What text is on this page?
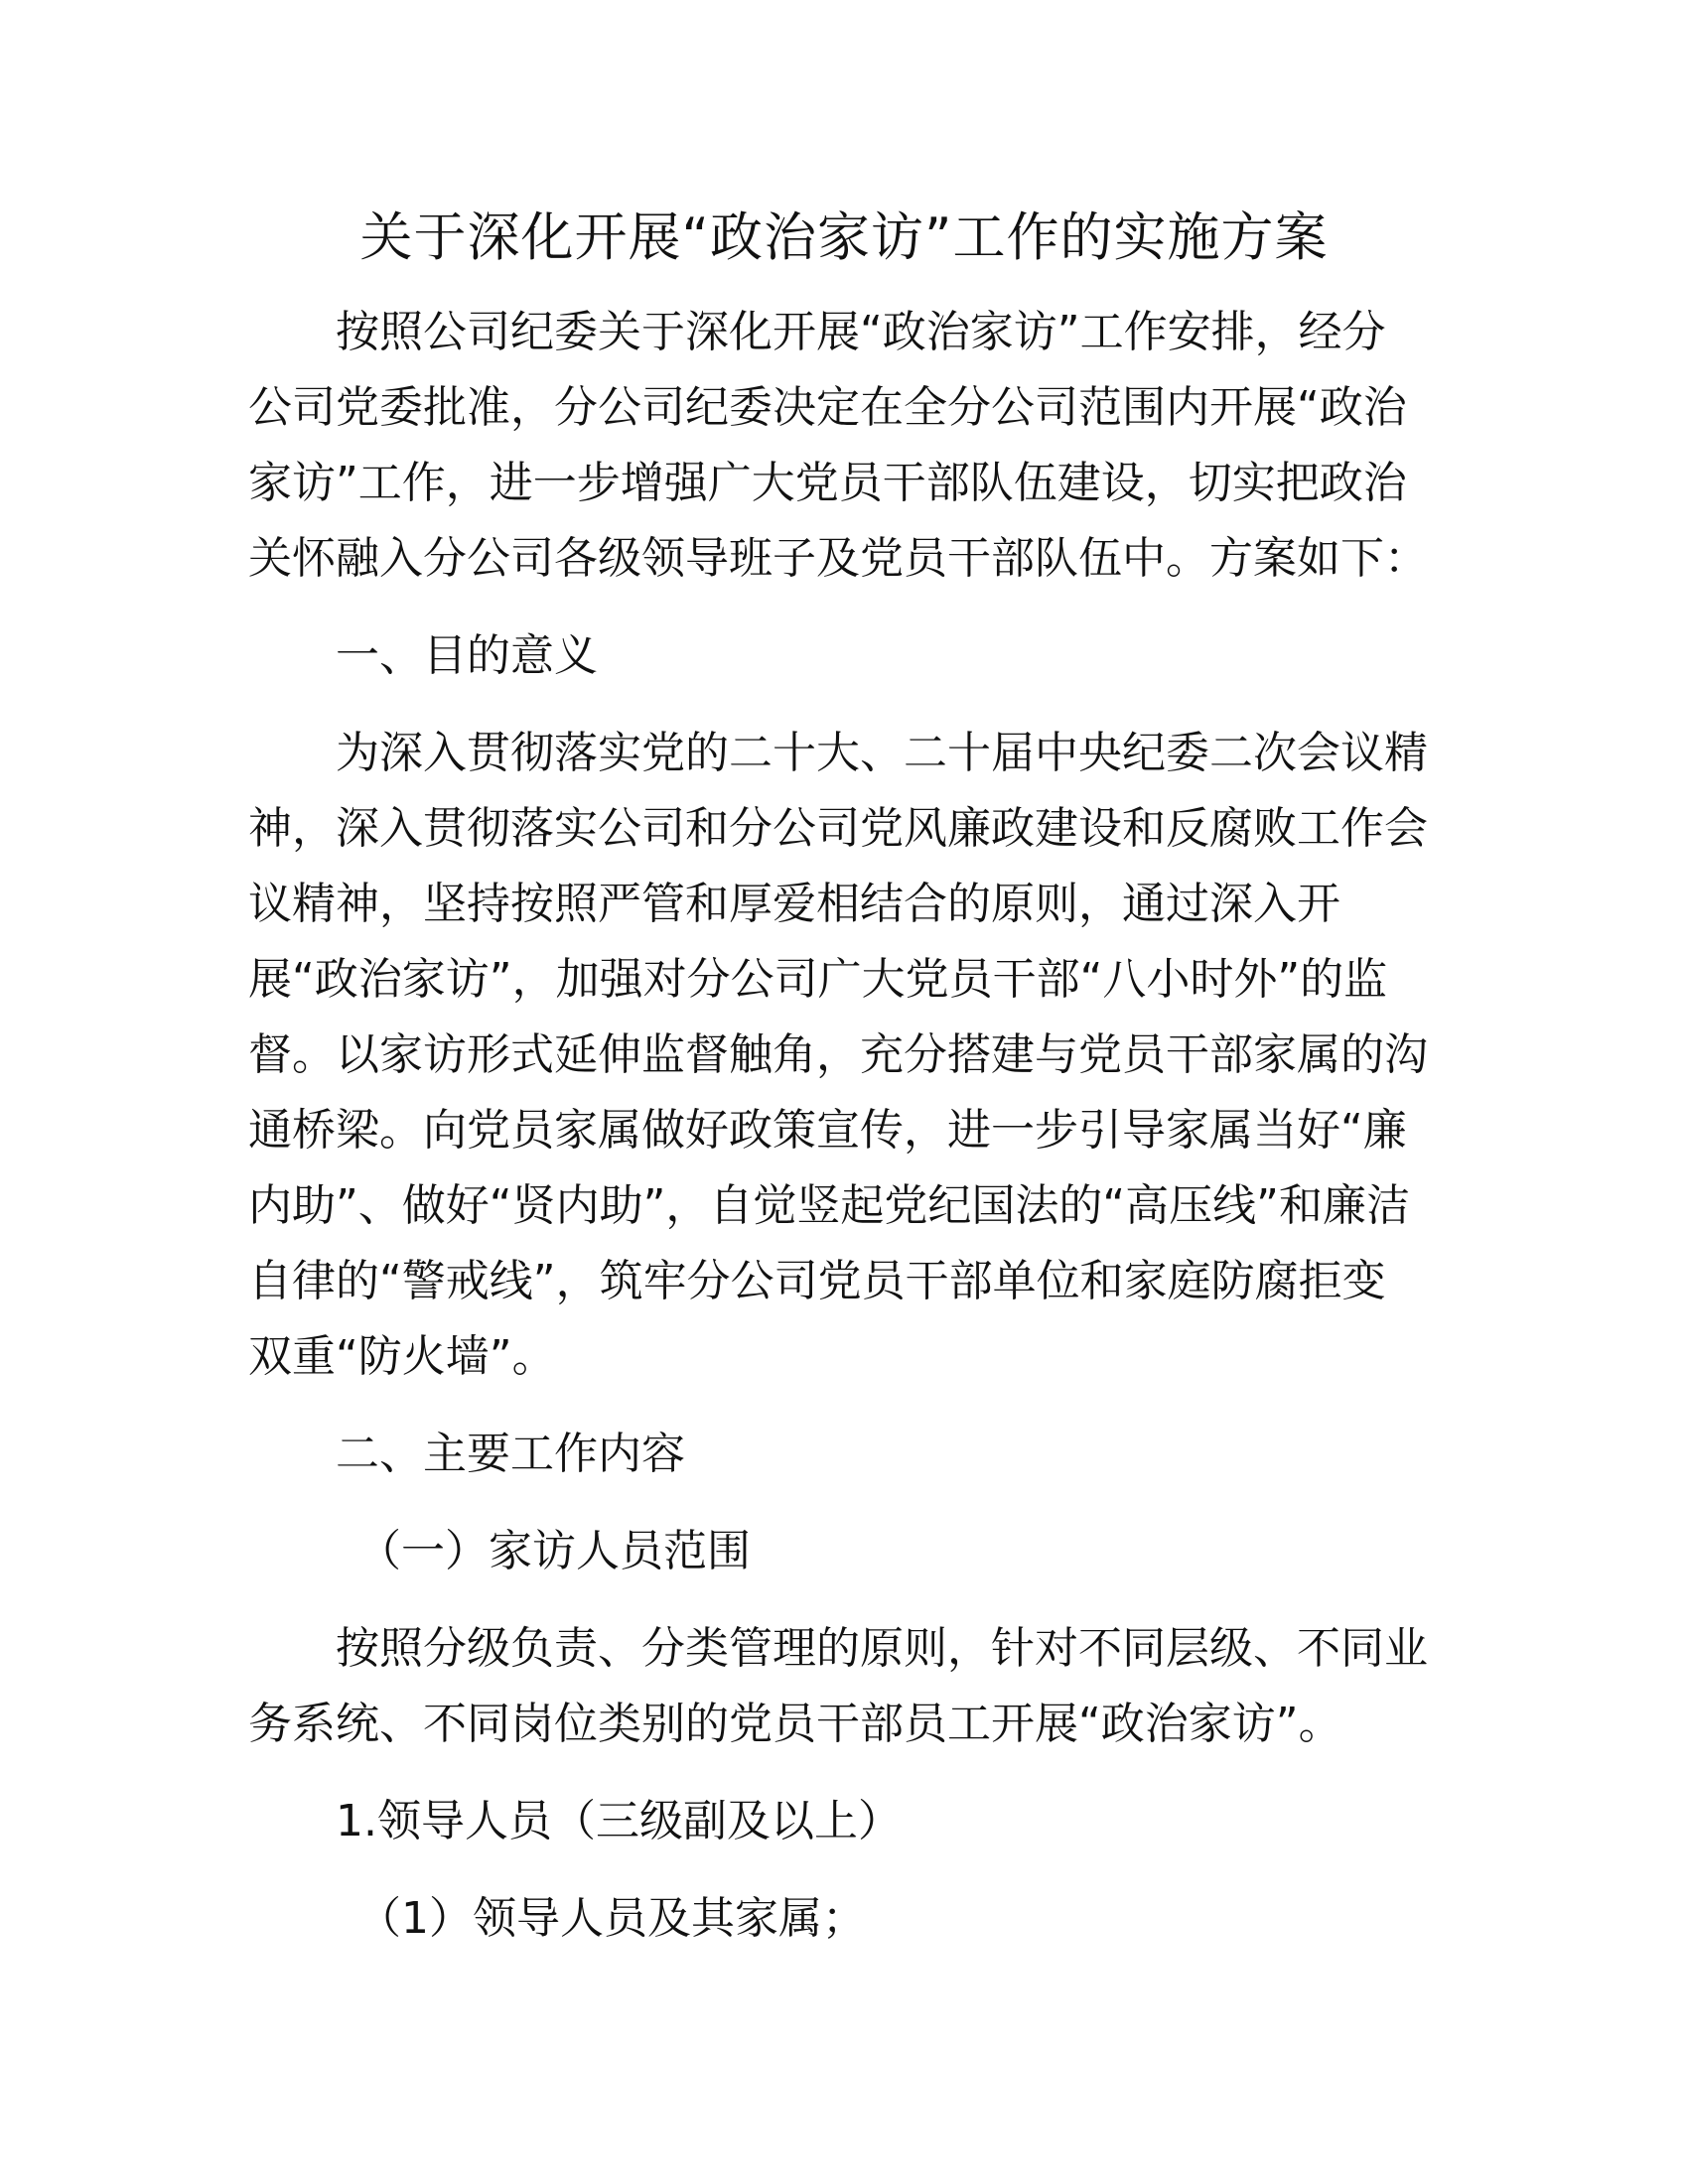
关于深化开展“政治家访”工作的实施方案

按照公司纪委关于深化开展“政治家访”工作安排，经分
公司党委批准，分公司纪委决定在全分公司范围内开展“政治
家访”工作，进一步增强广大党员干部队伍建设，切实把政治
关怀融入分公司各级领导班子及党员干部队伍中。方案如下：

一、目的意义

为深入贯彻落实党的二十大、二十届中央纪委二次会议精
神，深入贯彻落实公司和分公司党风廉政建设和反腐败工作会
议精神，坚持按照严管和厚爱相结合的原则，通过深入开
展“政治家访”，加强对分公司广大党员干部“八小时外”的监
督。以家访形式延伸监督触角，充分搭建与党员干部家属的沟
通桥梁。向党员家属做好政策宣传，进一步引导家属当好“廉
内助”、做好“贤内助”，自觉竖起党纪国法的“高压线”和廉洁
自律的“警戒线”，筑牢分公司党员干部单位和家庭防腐拒变
双重“防火墙”。

二、主要工作内容

（一）家访人员范围

按照分级负责、分类管理的原则，针对不同层级、不同业
务系统、不同岗位类别的党员干部员工开展“政治家访”。

1.领导人员（三级副及以上）

（1）领导人员及其家属；
